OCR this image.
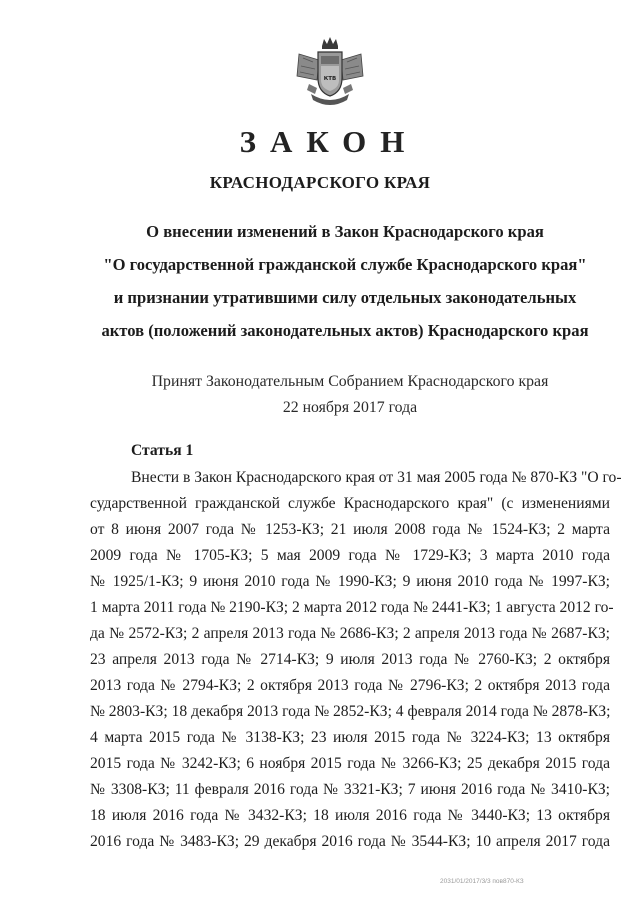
КТВ
ЗАКОН
КРАСНОДАРСКОГО КРАЯ
О внесении изменений в Закон Краснодарского края
"О государственной гражданской службе Краснодарского края"
и признании утратившими силу отдельных законодательных
актов (положений законодательных актов) Краснодарского края
Принят Законодательным Собранием Краснодарского края
22 ноября 2017 года
Статья 1
Внести в Закон Краснодарского края от 31 мая 2005 года № 870-КЗ "О го-
сударственной гражданской службе Краснодарского края" (с изменениями
от 8 июня 2007 года № 1253-КЗ; 21 июля 2008 года № 1524-КЗ; 2 марта
2009 года № 1705-КЗ; 5 мая 2009 года № 1729-КЗ; 3 марта 2010 года
№ 1925/1-КЗ; 9 июня 2010 года № 1990-КЗ; 9 июня 2010 года № 1997-КЗ;
1 марта 2011 года № 2190-КЗ; 2 марта 2012 года № 2441-КЗ; 1 августа 2012 го-
да № 2572-КЗ; 2 апреля 2013 года № 2686-КЗ; 2 апреля 2013 года № 2687-КЗ;
23 апреля 2013 года № 2714-КЗ; 9 июля 2013 года № 2760-КЗ; 2 октября
2013 года № 2794-КЗ; 2 октября 2013 года № 2796-КЗ; 2 октября 2013 года
№ 2803-КЗ; 18 декабря 2013 года № 2852-КЗ; 4 февраля 2014 года № 2878-КЗ;
4 марта 2015 года № 3138-КЗ; 23 июля 2015 года № 3224-КЗ; 13 октября
2015 года № 3242-КЗ; 6 ноября 2015 года № 3266-КЗ; 25 декабря 2015 года
№ 3308-КЗ; 11 февраля 2016 года № 3321-КЗ; 7 июня 2016 года № 3410-КЗ;
18 июля 2016 года № 3432-КЗ; 18 июля 2016 года № 3440-КЗ; 13 октября
2016 года № 3483-КЗ; 29 декабря 2016 года № 3544-КЗ; 10 апреля 2017 года
2031/01/2017/3/3 пов870-КЗ
